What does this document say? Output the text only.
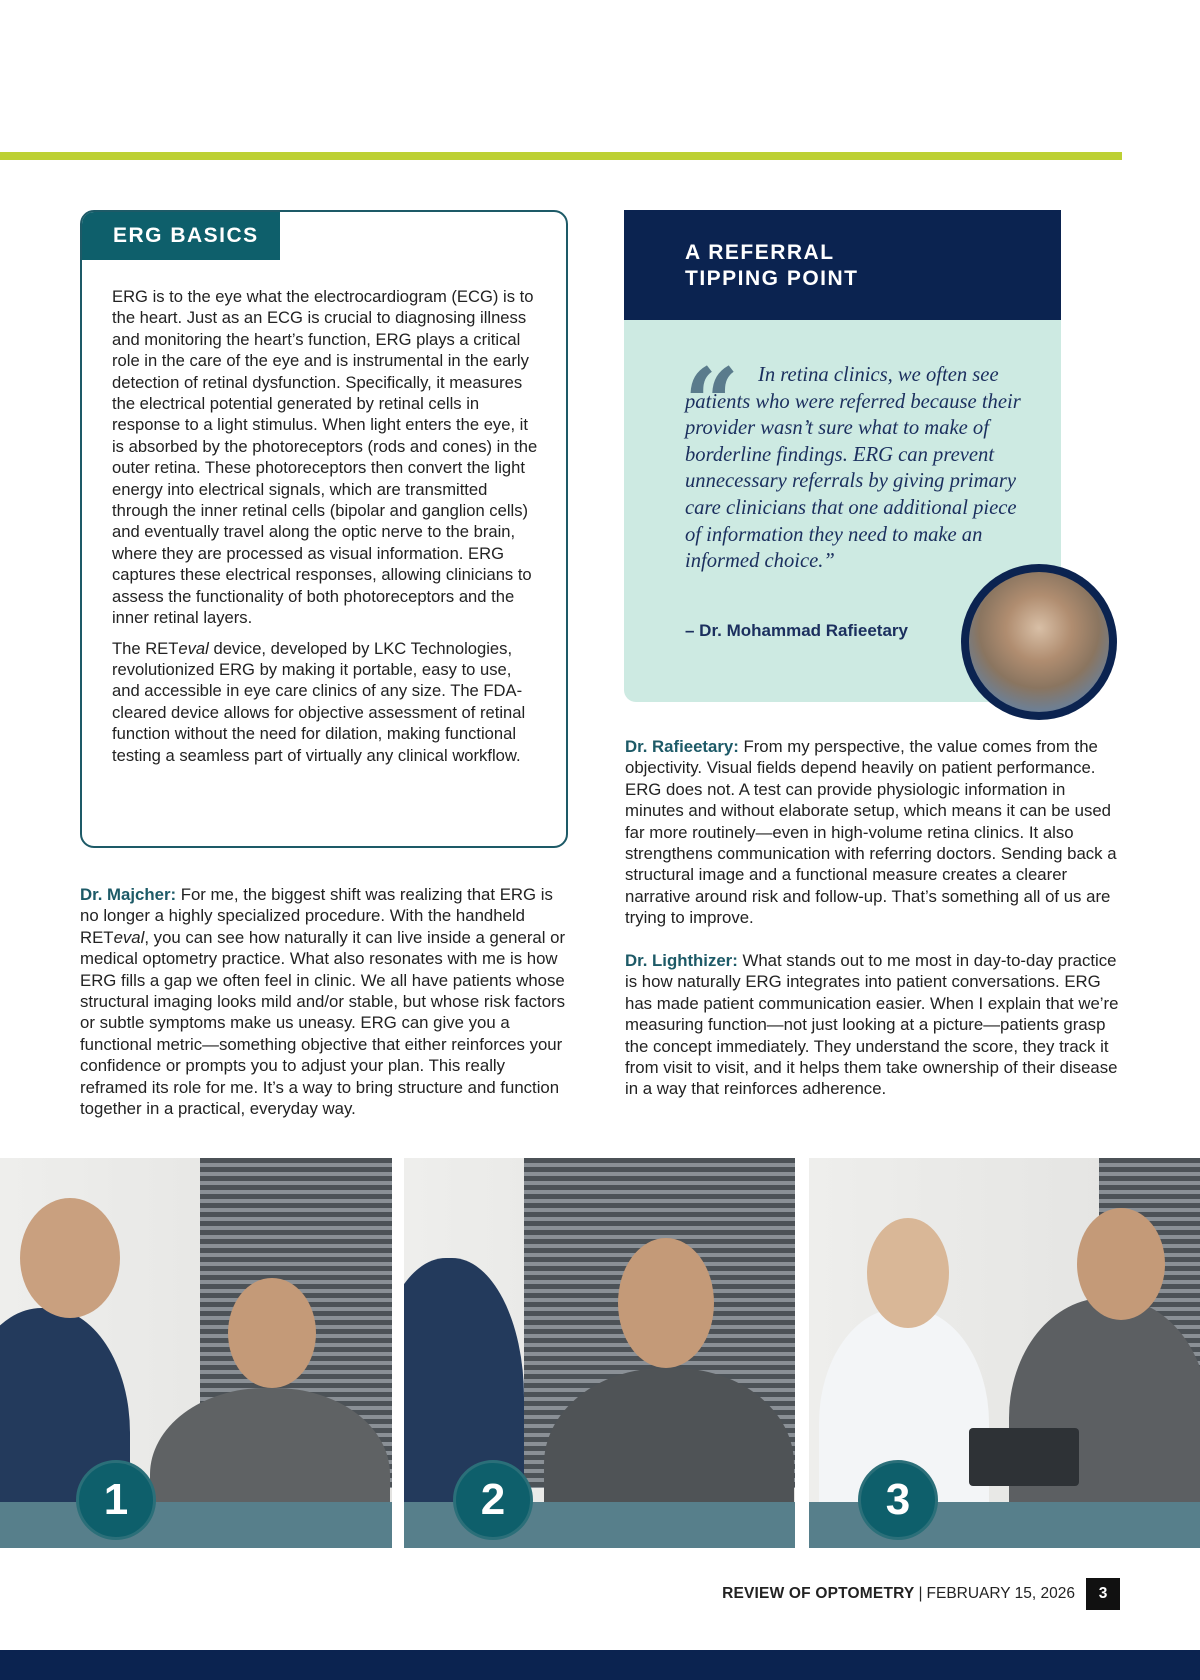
ERG BASICS

ERG is to the eye what the electrocardiogram (ECG) is to the heart. Just as an ECG is crucial to diagnosing illness and monitoring the heart’s function, ERG plays a critical role in the care of the eye and is instrumental in the early detection of retinal dysfunction. Specifically, it measures the electrical potential generated by retinal cells in response to a light stimulus. When light enters the eye, it is absorbed by the photoreceptors (rods and cones) in the outer retina. These photoreceptors then convert the light energy into electrical signals, which are transmitted through the inner retinal cells (bipolar and ganglion cells) and eventually travel along the optic nerve to the brain, where they are processed as visual information. ERG captures these electrical responses, allowing clinicians to assess the functionality of both photoreceptors and the inner retinal layers.

The RETeval device, developed by LKC Technologies, revolutionized ERG by making it portable, easy to use, and accessible in eye care clinics of any size. The FDA-cleared device allows for objective assessment of retinal function without the need for dilation, making functional testing a seamless part of virtually any clinical workflow.

A REFERRAL
TIPPING POINT
“ In retina clinics, we often see patients who were referred because their provider wasn’t sure what to make of borderline findings. ERG can prevent unnecessary referrals by giving primary care clinicians that one additional piece of information they need to make an informed choice.”
– Dr. Mohammad Rafieetary
Dr. Majcher: For me, the biggest shift was realizing that ERG is no longer a highly specialized procedure. With the handheld RETeval, you can see how naturally it can live inside a general or medical optometry practice. What also resonates with me is how ERG fills a gap we often feel in clinic. We all have patients whose structural imaging looks mild and/or stable, but whose risk factors or subtle symptoms make us uneasy. ERG can give you a functional metric—something objective that either reinforces your confidence or prompts you to adjust your plan. This really reframed its role for me. It’s a way to bring structure and function together in a practical, everyday way.
Dr. Rafieetary: From my perspective, the value comes from the objectivity. Visual fields depend heavily on patient performance. ERG does not. A test can provide physiologic information in minutes and without elaborate setup, which means it can be used far more routinely—even in high-volume retina clinics. It also strengthens communication with referring doctors. Sending back a structural image and a functional measure creates a clearer narrative around risk and follow-up. That’s something all of us are trying to improve.
Dr. Lighthizer: What stands out to me most in day-to-day practice is how naturally ERG integrates into patient conversations. ERG has made patient communication easier. When I explain that we’re measuring function—not just looking at a picture—patients grasp the concept immediately. They understand the score, they track it from visit to visit, and it helps them take ownership of their disease in a way that reinforces adherence.
1	2	3
REVIEW OF OPTOMETRY | FEBRUARY 15, 2026	3
